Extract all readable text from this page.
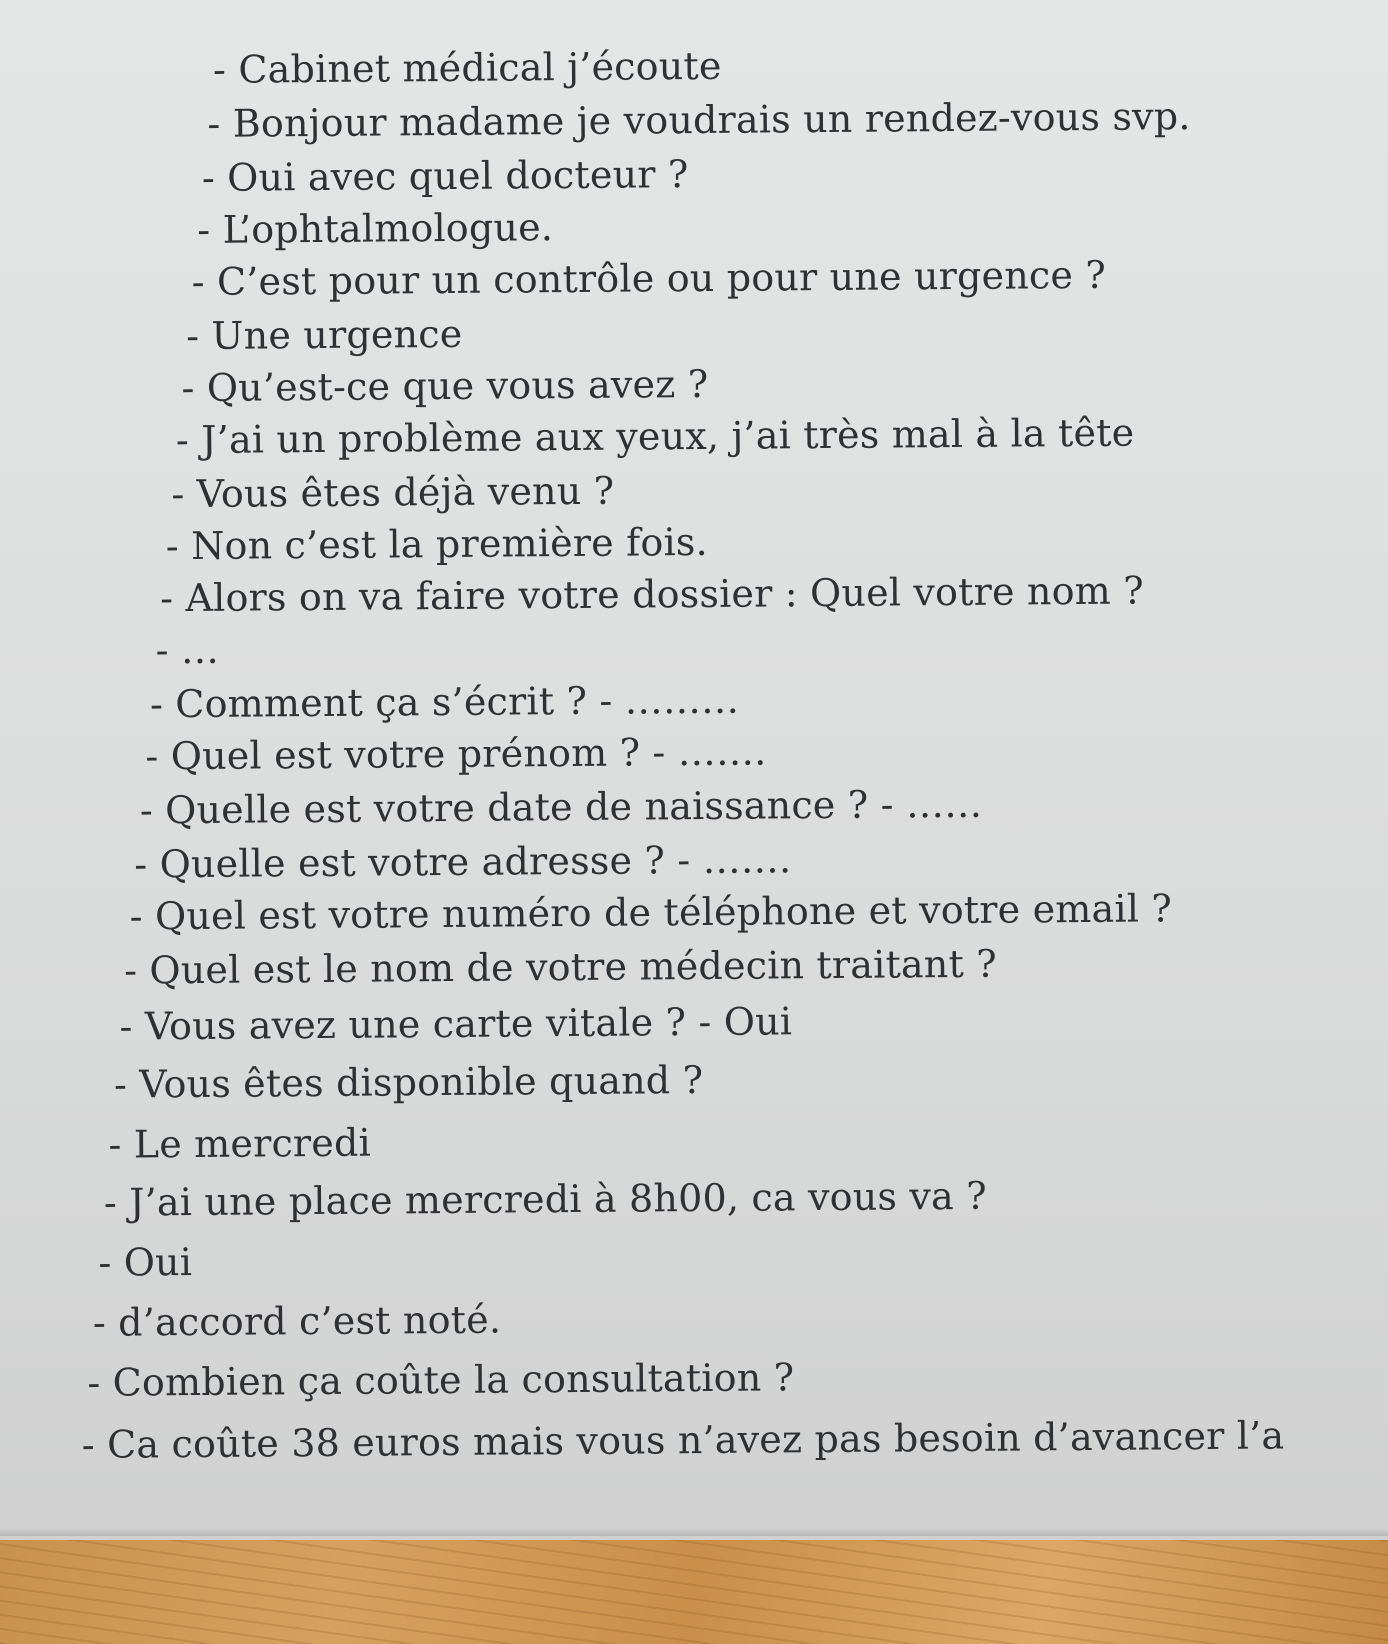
- Cabinet médical j’écoute
- Bonjour madame je voudrais un rendez-vous svp.
- Oui avec quel docteur ?
- L’ophtalmologue.
- C’est pour un contrôle ou pour une urgence ?
- Une urgence
- Qu’est-ce que vous avez ?
- J’ai un problème aux yeux, j’ai très mal à la tête
- Vous êtes déjà venu ?
- Non c’est la première fois.
- Alors on va faire votre dossier : Quel votre nom ?
- …
- Comment ça s’écrit ? - ………
- Quel est votre prénom ? - …….
- Quelle est votre date de naissance ? - ……
- Quelle est votre adresse ? - …….
- Quel est votre numéro de téléphone et votre email ?
- Quel est le nom de votre médecin traitant ?
- Vous avez une carte vitale ? - Oui
- Vous êtes disponible quand ?
- Le mercredi
- J’ai une place mercredi à 8h00, ca vous va ?
- Oui
- d’accord c’est noté.
- Combien ça coûte la consultation ?
- Ca coûte 38 euros mais vous n’avez pas besoin d’avancer l’a
